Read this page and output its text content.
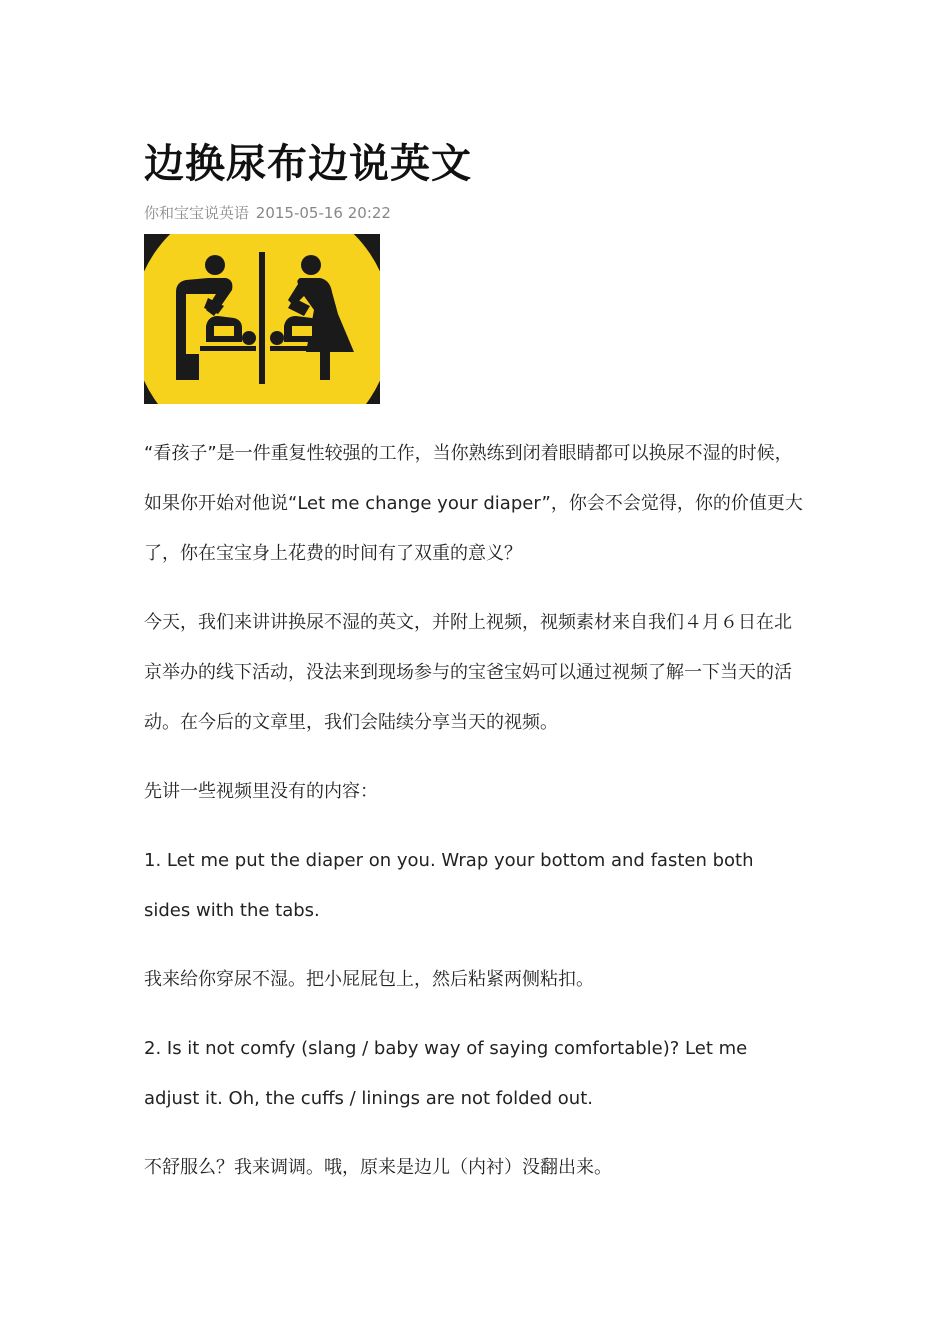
边换尿布边说英文
你和宝宝说英语 2015-05-16 20:22

“看孩子”是一件重复性较强的工作，当你熟练到闭着眼睛都可以换尿不湿的时候，如果你开始对他说“Let me change your diaper”，你会不会觉得，你的价值更大了，你在宝宝身上花费的时间有了双重的意义？

今天，我们来讲讲换尿不湿的英文，并附上视频，视频素材来自我们４月６日在北京举办的线下活动，没法来到现场参与的宝爸宝妈可以通过视频了解一下当天的活动。在今后的文章里，我们会陆续分享当天的视频。

先讲一些视频里没有的内容：

1. Let me put the diaper on you. Wrap your bottom and fasten both sides with the tabs.

我来给你穿尿不湿。把小屁屁包上，然后粘紧两侧粘扣。

2. Is it not comfy (slang / baby way of saying comfortable)? Let me adjust it. Oh, the cuffs / linings are not folded out.

不舒服么？我来调调。哦，原来是边儿（内衬）没翻出来。
